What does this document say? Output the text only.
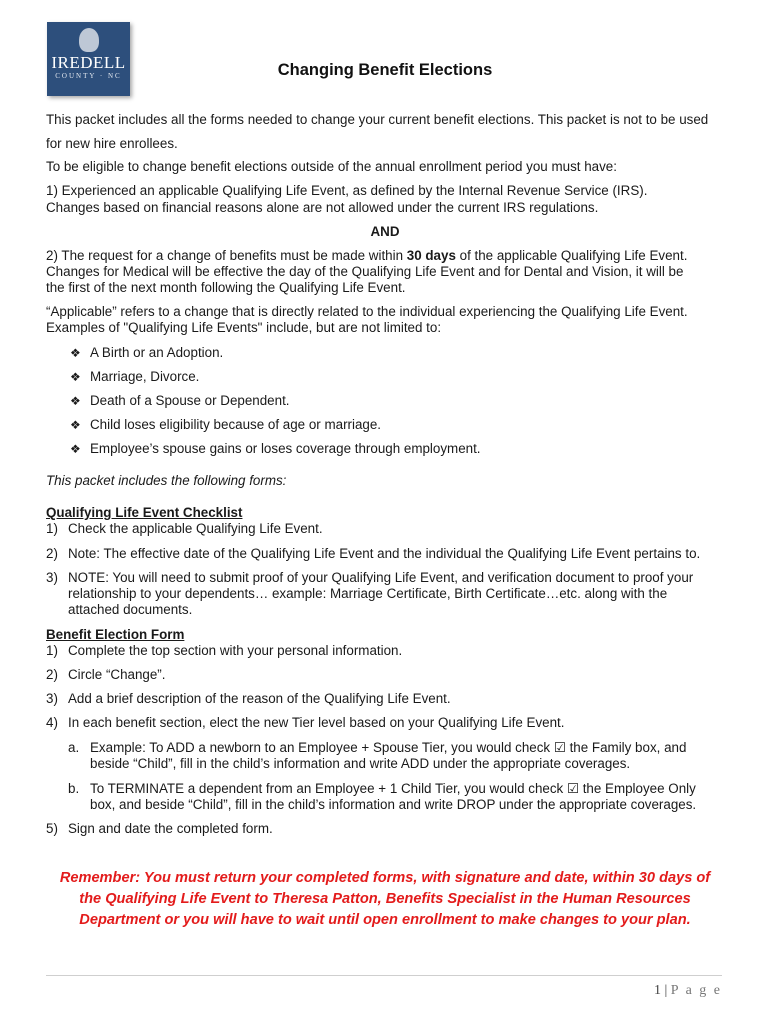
IREDELL
COUNTY · NC	Changing Benefit Elections
This packet includes all the forms needed to change your current benefit elections. This packet is not to be used
for new hire enrollees.
To be eligible to change benefit elections outside of the annual enrollment period you must have:
1) Experienced an applicable Qualifying Life Event, as defined by the Internal Revenue Service (IRS).
Changes based on financial reasons alone are not allowed under the current IRS regulations.
AND
2) The request for a change of benefits must be made within 30 days of the applicable Qualifying Life Event.
Changes for Medical will be effective the day of the Qualifying Life Event and for Dental and Vision, it will be
the first of the next month following the Qualifying Life Event.
“Applicable” refers to a change that is directly related to the individual experiencing the Qualifying Life Event.
Examples of "Qualifying Life Events" include, but are not limited to:
❖ A Birth or an Adoption.
❖ Marriage, Divorce.
❖ Death of a Spouse or Dependent.
❖ Child loses eligibility because of age or marriage.
❖ Employee’s spouse gains or loses coverage through employment.
This packet includes the following forms:
Qualifying Life Event Checklist
1) Check the applicable Qualifying Life Event.
2) Note: The effective date of the Qualifying Life Event and the individual the Qualifying Life Event pertains to.
3) NOTE: You will need to submit proof of your Qualifying Life Event, and verification document to proof your
relationship to your dependents… example: Marriage Certificate, Birth Certificate…etc. along with the
attached documents.
Benefit Election Form
1) Complete the top section with your personal information.
2) Circle “Change”.
3) Add a brief description of the reason of the Qualifying Life Event.
4) In each benefit section, elect the new Tier level based on your Qualifying Life Event.
a. Example: To ADD a newborn to an Employee + Spouse Tier, you would check ☑ the Family box, and
beside “Child”, fill in the child’s information and write ADD under the appropriate coverages.
b. To TERMINATE a dependent from an Employee + 1 Child Tier, you would check ☑ the Employee Only
box, and beside “Child”, fill in the child’s information and write DROP under the appropriate coverages.
5) Sign and date the completed form.
Remember: You must return your completed forms, with signature and date, within 30 days of
the Qualifying Life Event to Theresa Patton, Benefits Specialist in the Human Resources
Department or you will have to wait until open enrollment to make changes to your plan.
1 | P a g e
